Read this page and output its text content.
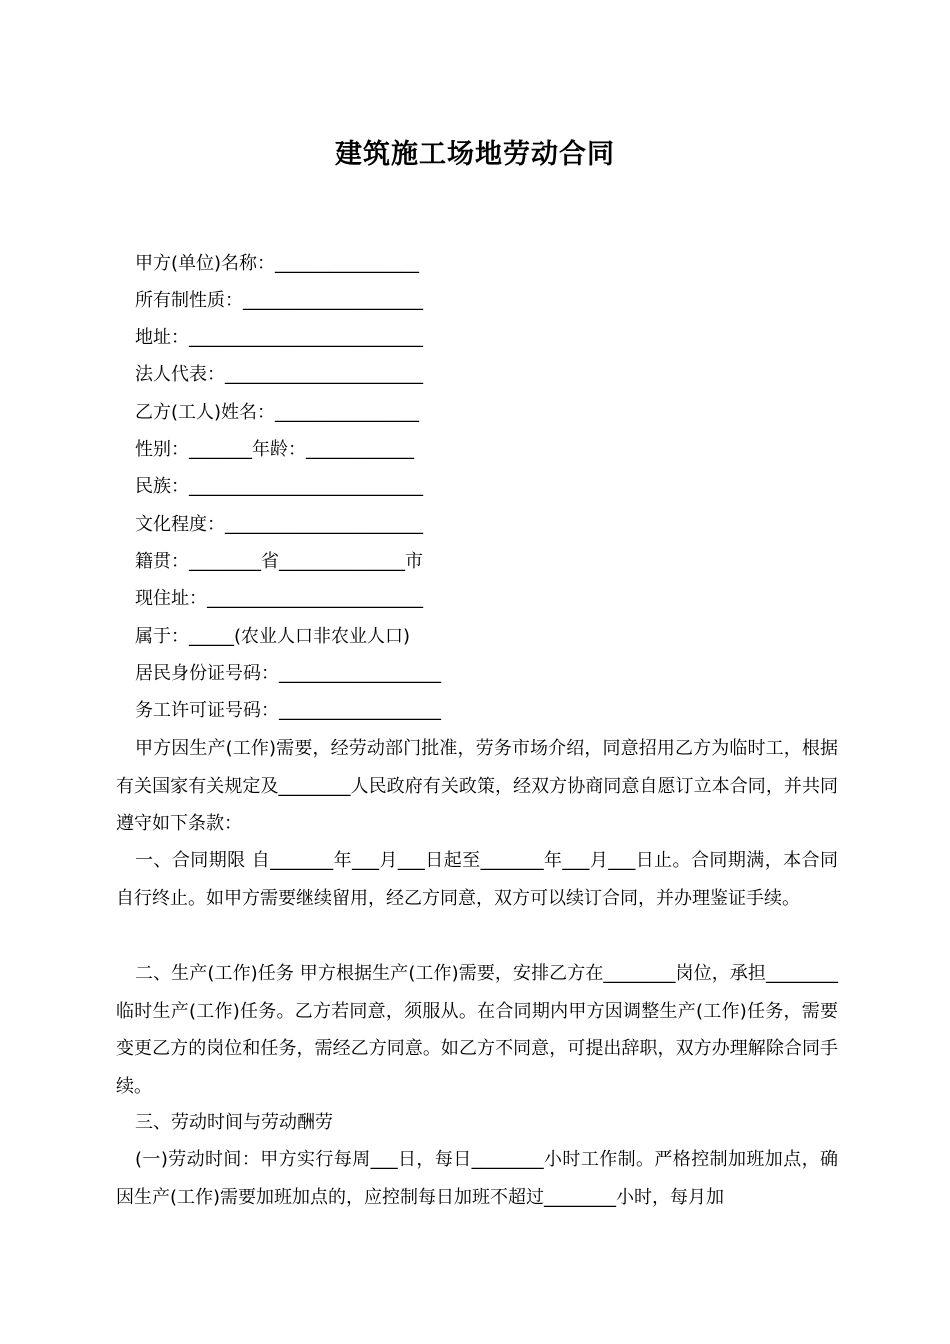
建筑施工场地劳动合同
甲方(单位)名称：________________
所有制性质：____________________
地址：__________________________
法人代表：______________________
乙方(工人)姓名：________________
性别：_______年龄：____________
民族：__________________________
文化程度：______________________
籍贯：________省______________市
现住址：________________________
属于：_____(农业人口非农业人口)
居民身份证号码：__________________
务工许可证号码：__________________
甲方因生产(工作)需要，经劳动部门批准，劳务市场介绍，同意招用乙方为临时工，根据有关国家有关规定及________人民政府有关政策，经双方协商同意自愿订立本合同，并共同遵守如下条款：
一、合同期限 自_______年___月___日起至_______年___月___日止。合同期满，本合同自行终止。如甲方需要继续留用，经乙方同意，双方可以续订合同，并办理鉴证手续。
二、生产(工作)任务 甲方根据生产(工作)需要，安排乙方在________岗位，承担________临时生产(工作)任务。乙方若同意，须服从。在合同期内甲方因调整生产(工作)任务，需要变更乙方的岗位和任务，需经乙方同意。如乙方不同意，可提出辞职，双方办理解除合同手续。
三、劳动时间与劳动酬劳
(一)劳动时间：甲方实行每周___日，每日________小时工作制。严格控制加班加点，确因生产(工作)需要加班加点的，应控制每日加班不超过________小时，每月加
